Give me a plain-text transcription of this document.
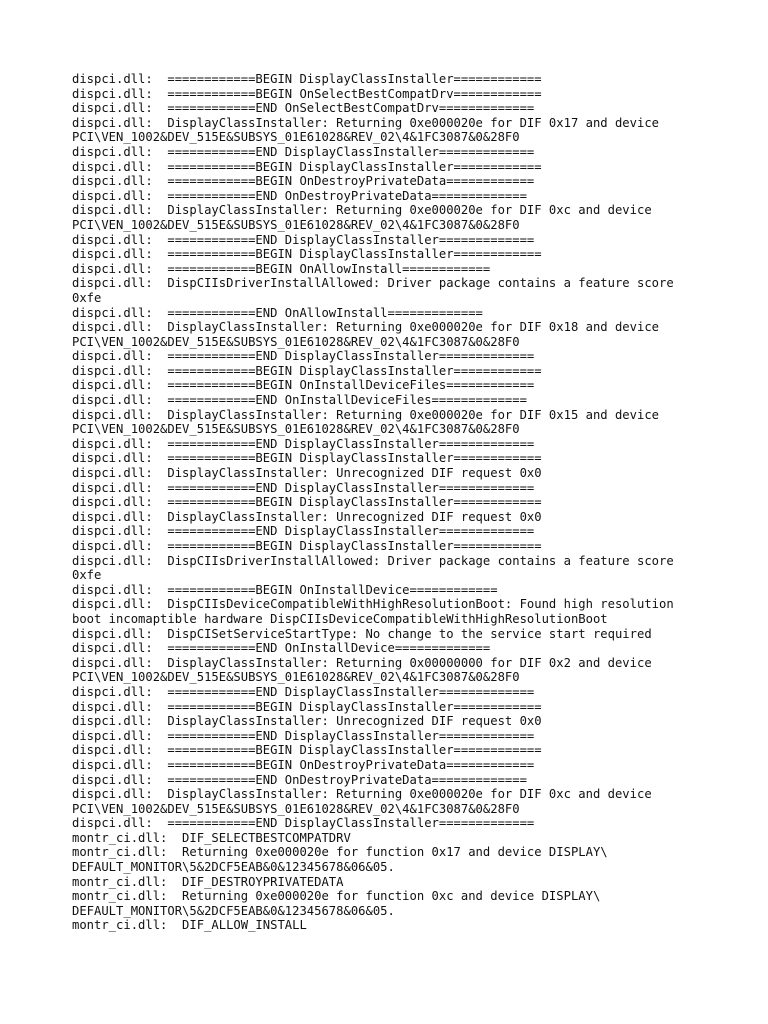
dispci.dll:  ============BEGIN DisplayClassInstaller============
dispci.dll:  ============BEGIN OnSelectBestCompatDrv============
dispci.dll:  ============END OnSelectBestCompatDrv=============
dispci.dll:  DisplayClassInstaller: Returning 0xe000020e for DIF 0x17 and device
PCI\VEN_1002&DEV_515E&SUBSYS_01E61028&REV_02\4&1FC3087&0&28F0
dispci.dll:  ============END DisplayClassInstaller=============
dispci.dll:  ============BEGIN DisplayClassInstaller============
dispci.dll:  ============BEGIN OnDestroyPrivateData============
dispci.dll:  ============END OnDestroyPrivateData=============
dispci.dll:  DisplayClassInstaller: Returning 0xe000020e for DIF 0xc and device
PCI\VEN_1002&DEV_515E&SUBSYS_01E61028&REV_02\4&1FC3087&0&28F0
dispci.dll:  ============END DisplayClassInstaller=============
dispci.dll:  ============BEGIN DisplayClassInstaller============
dispci.dll:  ============BEGIN OnAllowInstall============
dispci.dll:  DispCIIsDriverInstallAllowed: Driver package contains a feature score
0xfe
dispci.dll:  ============END OnAllowInstall=============
dispci.dll:  DisplayClassInstaller: Returning 0xe000020e for DIF 0x18 and device
PCI\VEN_1002&DEV_515E&SUBSYS_01E61028&REV_02\4&1FC3087&0&28F0
dispci.dll:  ============END DisplayClassInstaller=============
dispci.dll:  ============BEGIN DisplayClassInstaller============
dispci.dll:  ============BEGIN OnInstallDeviceFiles============
dispci.dll:  ============END OnInstallDeviceFiles=============
dispci.dll:  DisplayClassInstaller: Returning 0xe000020e for DIF 0x15 and device
PCI\VEN_1002&DEV_515E&SUBSYS_01E61028&REV_02\4&1FC3087&0&28F0
dispci.dll:  ============END DisplayClassInstaller=============
dispci.dll:  ============BEGIN DisplayClassInstaller============
dispci.dll:  DisplayClassInstaller: Unrecognized DIF request 0x0
dispci.dll:  ============END DisplayClassInstaller=============
dispci.dll:  ============BEGIN DisplayClassInstaller============
dispci.dll:  DisplayClassInstaller: Unrecognized DIF request 0x0
dispci.dll:  ============END DisplayClassInstaller=============
dispci.dll:  ============BEGIN DisplayClassInstaller============
dispci.dll:  DispCIIsDriverInstallAllowed: Driver package contains a feature score
0xfe
dispci.dll:  ============BEGIN OnInstallDevice============
dispci.dll:  DispCIIsDeviceCompatibleWithHighResolutionBoot: Found high resolution
boot incomaptible hardware DispCIIsDeviceCompatibleWithHighResolutionBoot
dispci.dll:  DispCISetServiceStartType: No change to the service start required
dispci.dll:  ============END OnInstallDevice=============
dispci.dll:  DisplayClassInstaller: Returning 0x00000000 for DIF 0x2 and device
PCI\VEN_1002&DEV_515E&SUBSYS_01E61028&REV_02\4&1FC3087&0&28F0
dispci.dll:  ============END DisplayClassInstaller=============
dispci.dll:  ============BEGIN DisplayClassInstaller============
dispci.dll:  DisplayClassInstaller: Unrecognized DIF request 0x0
dispci.dll:  ============END DisplayClassInstaller=============
dispci.dll:  ============BEGIN DisplayClassInstaller============
dispci.dll:  ============BEGIN OnDestroyPrivateData============
dispci.dll:  ============END OnDestroyPrivateData=============
dispci.dll:  DisplayClassInstaller: Returning 0xe000020e for DIF 0xc and device
PCI\VEN_1002&DEV_515E&SUBSYS_01E61028&REV_02\4&1FC3087&0&28F0
dispci.dll:  ============END DisplayClassInstaller=============
montr_ci.dll:  DIF_SELECTBESTCOMPATDRV
montr_ci.dll:  Returning 0xe000020e for function 0x17 and device DISPLAY\
DEFAULT_MONITOR\5&2DCF5EAB&0&12345678&06&05.
montr_ci.dll:  DIF_DESTROYPRIVATEDATA
montr_ci.dll:  Returning 0xe000020e for function 0xc and device DISPLAY\
DEFAULT_MONITOR\5&2DCF5EAB&0&12345678&06&05.
montr_ci.dll:  DIF_ALLOW_INSTALL
